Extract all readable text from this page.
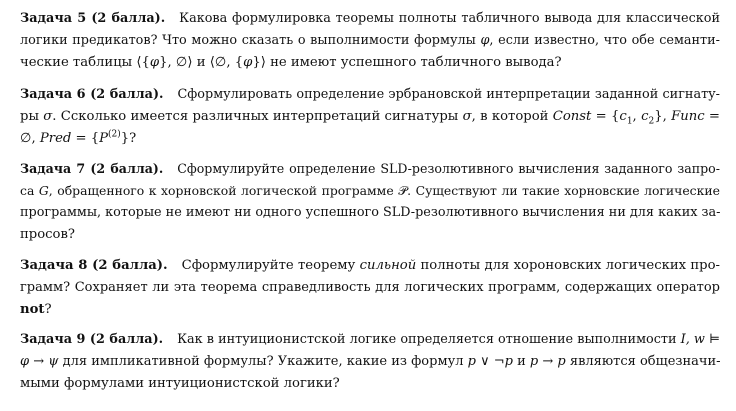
Задача 5 (2 балла). Какова формулировка теоремы полноты табличного вывода для классической
логики предикатов? Что можно сказать о выполнимости формулы φ, если известно, что обе семанти-
ческие таблицы ⟨{φ}, ∅⟩ и ⟨∅, {φ}⟩ не имеют успешного табличного вывода?
Задача 6 (2 балла). Сформулировать определение эрбрановской интерпретации заданной сигнату-
ры σ. Ссколько имеется различных интерпретаций сигнатуры σ, в которой Const = {$c_1$, $c_2$}, Func =
∅, Pred = $\{P^{(2)}\}$?
Задача 7 (2 балла). Сформулируйте определение SLD-резолютивного вычисления заданного запро-
са G, обращенного к хорновской логической программе 𝒫. Существуют ли такие хорновские логические
программы, которые не имеют ни одного успешного SLD-резолютивного вычисления ни для каких за-
просов?
Задача 8 (2 балла). Сформулируйте теорему сильной полноты для хороновских логических про-
грамм? Сохраняет ли эта теорема справедливость для логических программ, содержащих оператор
not?
Задача 9 (2 балла). Как в интуиционистской логике определяется отношение выполнимости I, w ⊨
φ → ψ для импликативной формулы? Укажите, какие из формул p ∨ ¬p и p → p являются общезначи-
мыми формулами интуиционистской логики?
